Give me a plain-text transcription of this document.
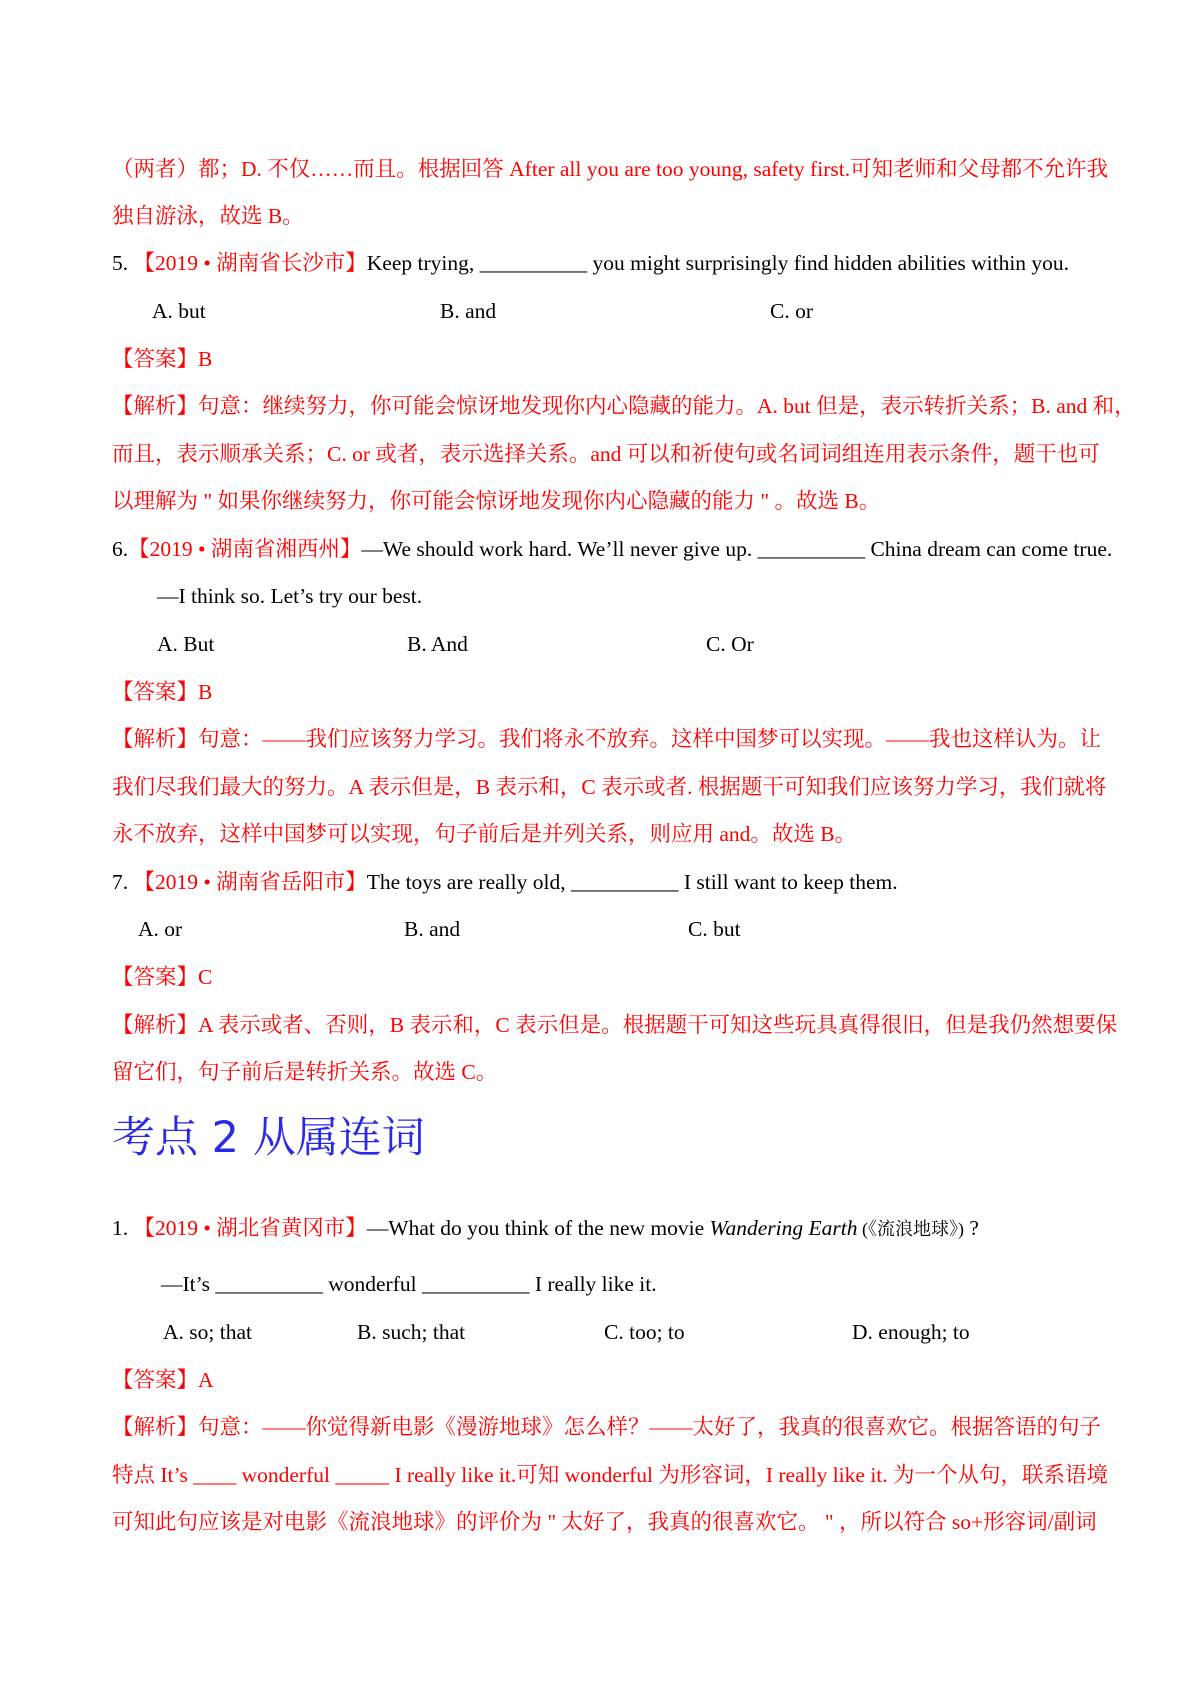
（两者）都；D. 不仅……而且。根据回答 After all you are too young, safety first.可知老师和父母都不允许我
独自游泳，故选 B。
5. 【2019 • 湖南省长沙市】Keep trying, __________ you might surprisingly find hidden abilities within you.
A. but	B. and	C. or
【答案】B
【解析】句意：继续努力，你可能会惊讶地发现你内心隐藏的能力。A. but 但是，表示转折关系；B. and 和，
而且，表示顺承关系；C. or 或者，表示选择关系。and 可以和祈使句或名词词组连用表示条件，题干也可
以理解为 " 如果你继续努力，你可能会惊讶地发现你内心隐藏的能力 " 。故选 B。
6.【2019 • 湖南省湘西州】—We should work hard. We’ll never give up. __________ China dream can come true.
—I think so. Let’s try our best.
A. But	B. And	C. Or
【答案】B
【解析】句意：——我们应该努力学习。我们将永不放弃。这样中国梦可以实现。——我也这样认为。让
我们尽我们最大的努力。A 表示但是，B 表示和，C 表示或者. 根据题干可知我们应该努力学习，我们就将
永不放弃，这样中国梦可以实现，句子前后是并列关系，则应用 and。故选 B。
7. 【2019 • 湖南省岳阳市】The toys are really old, __________ I still want to keep them.
A. or	B. and	C. but
【答案】C
【解析】A 表示或者、否则，B 表示和，C 表示但是。根据题干可知这些玩具真得很旧，但是我仍然想要保
留它们，句子前后是转折关系。故选 C。
考点 2 从属连词
1. 【2019 • 湖北省黄冈市】—What do you think of the new movie Wandering Earth (《流浪地球》) ?
—It’s __________ wonderful __________ I really like it.
A. so; that	B. such; that	C. too; to	D. enough; to
【答案】A
【解析】句意：——你觉得新电影《漫游地球》怎么样？——太好了，我真的很喜欢它。根据答语的句子
特点 It’s ____ wonderful _____ I really like it.可知 wonderful 为形容词，I really like it. 为一个从句，联系语境
可知此句应该是对电影《流浪地球》的评价为 " 太好了，我真的很喜欢它。 " ，所以符合 so+形容词/副词
